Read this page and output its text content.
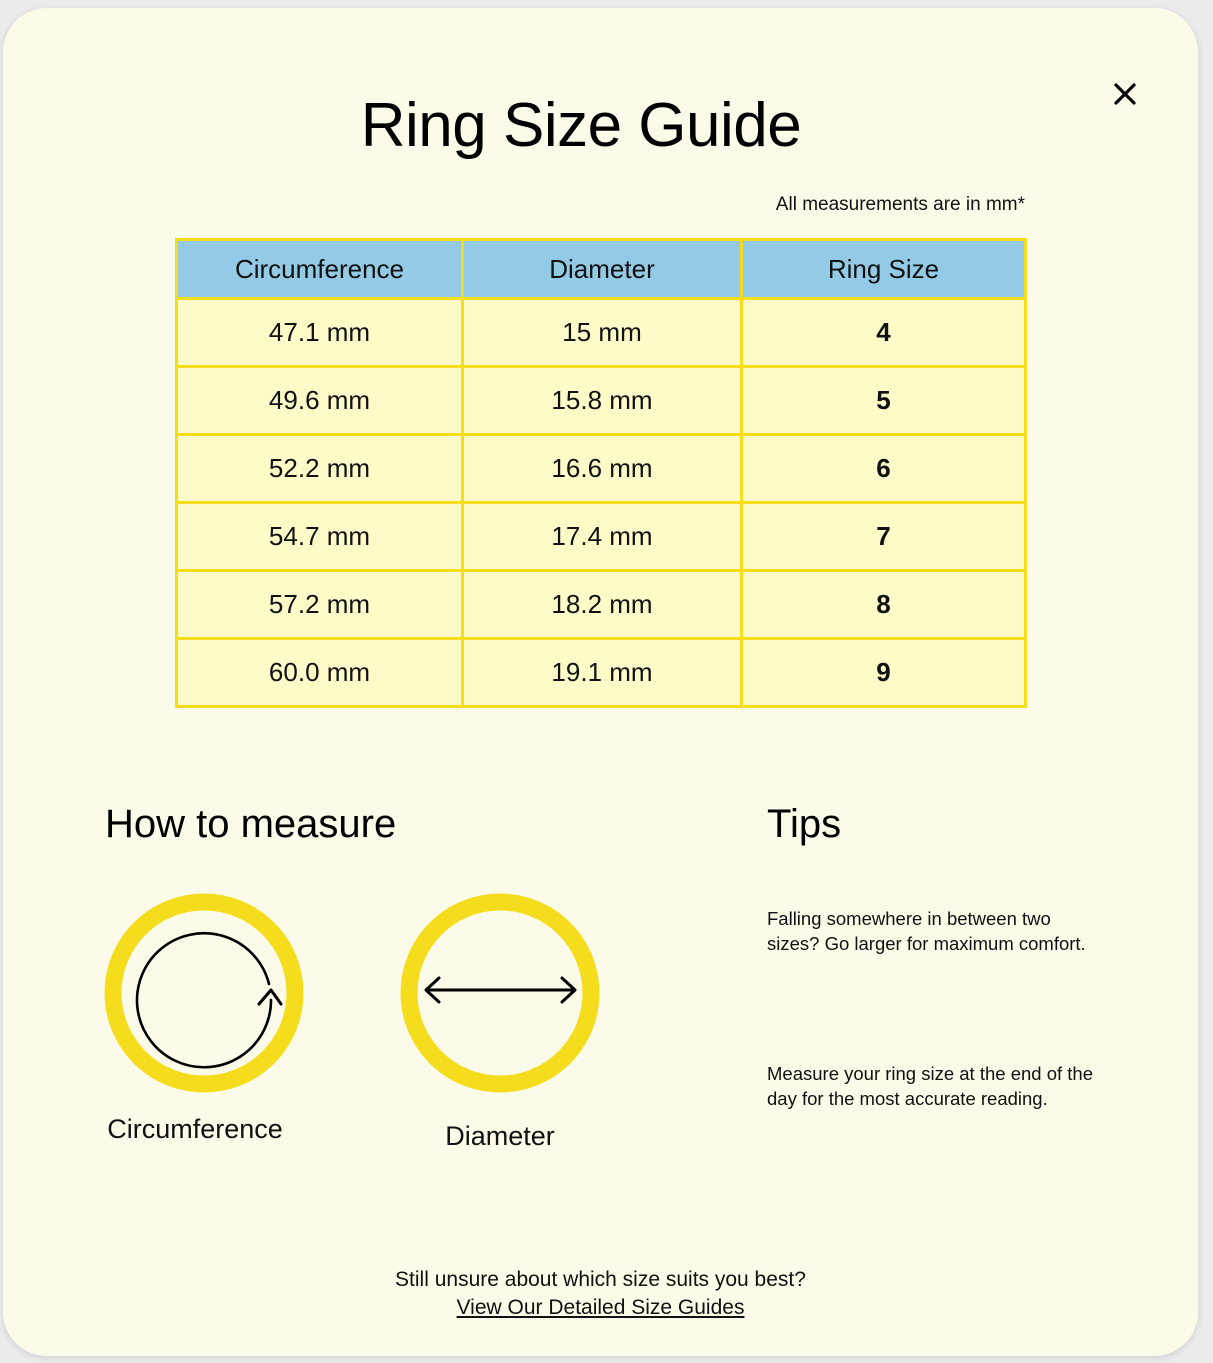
Ring Size Guide
All measurements are in mm*
Circumference	Diameter	Ring Size
47.1 mm	15 mm	4
49.6 mm	15.8 mm	5
52.2 mm	16.6 mm	6
54.7 mm	17.4 mm	7
57.2 mm	18.2 mm	8
60.0 mm	19.1 mm	9
How to measure	Tips
Circumference	Diameter
Falling somewhere in between two sizes? Go larger for maximum comfort.
Measure your ring size at the end of the day for the most accurate reading.
Still unsure about which size suits you best?
View Our Detailed Size Guides
